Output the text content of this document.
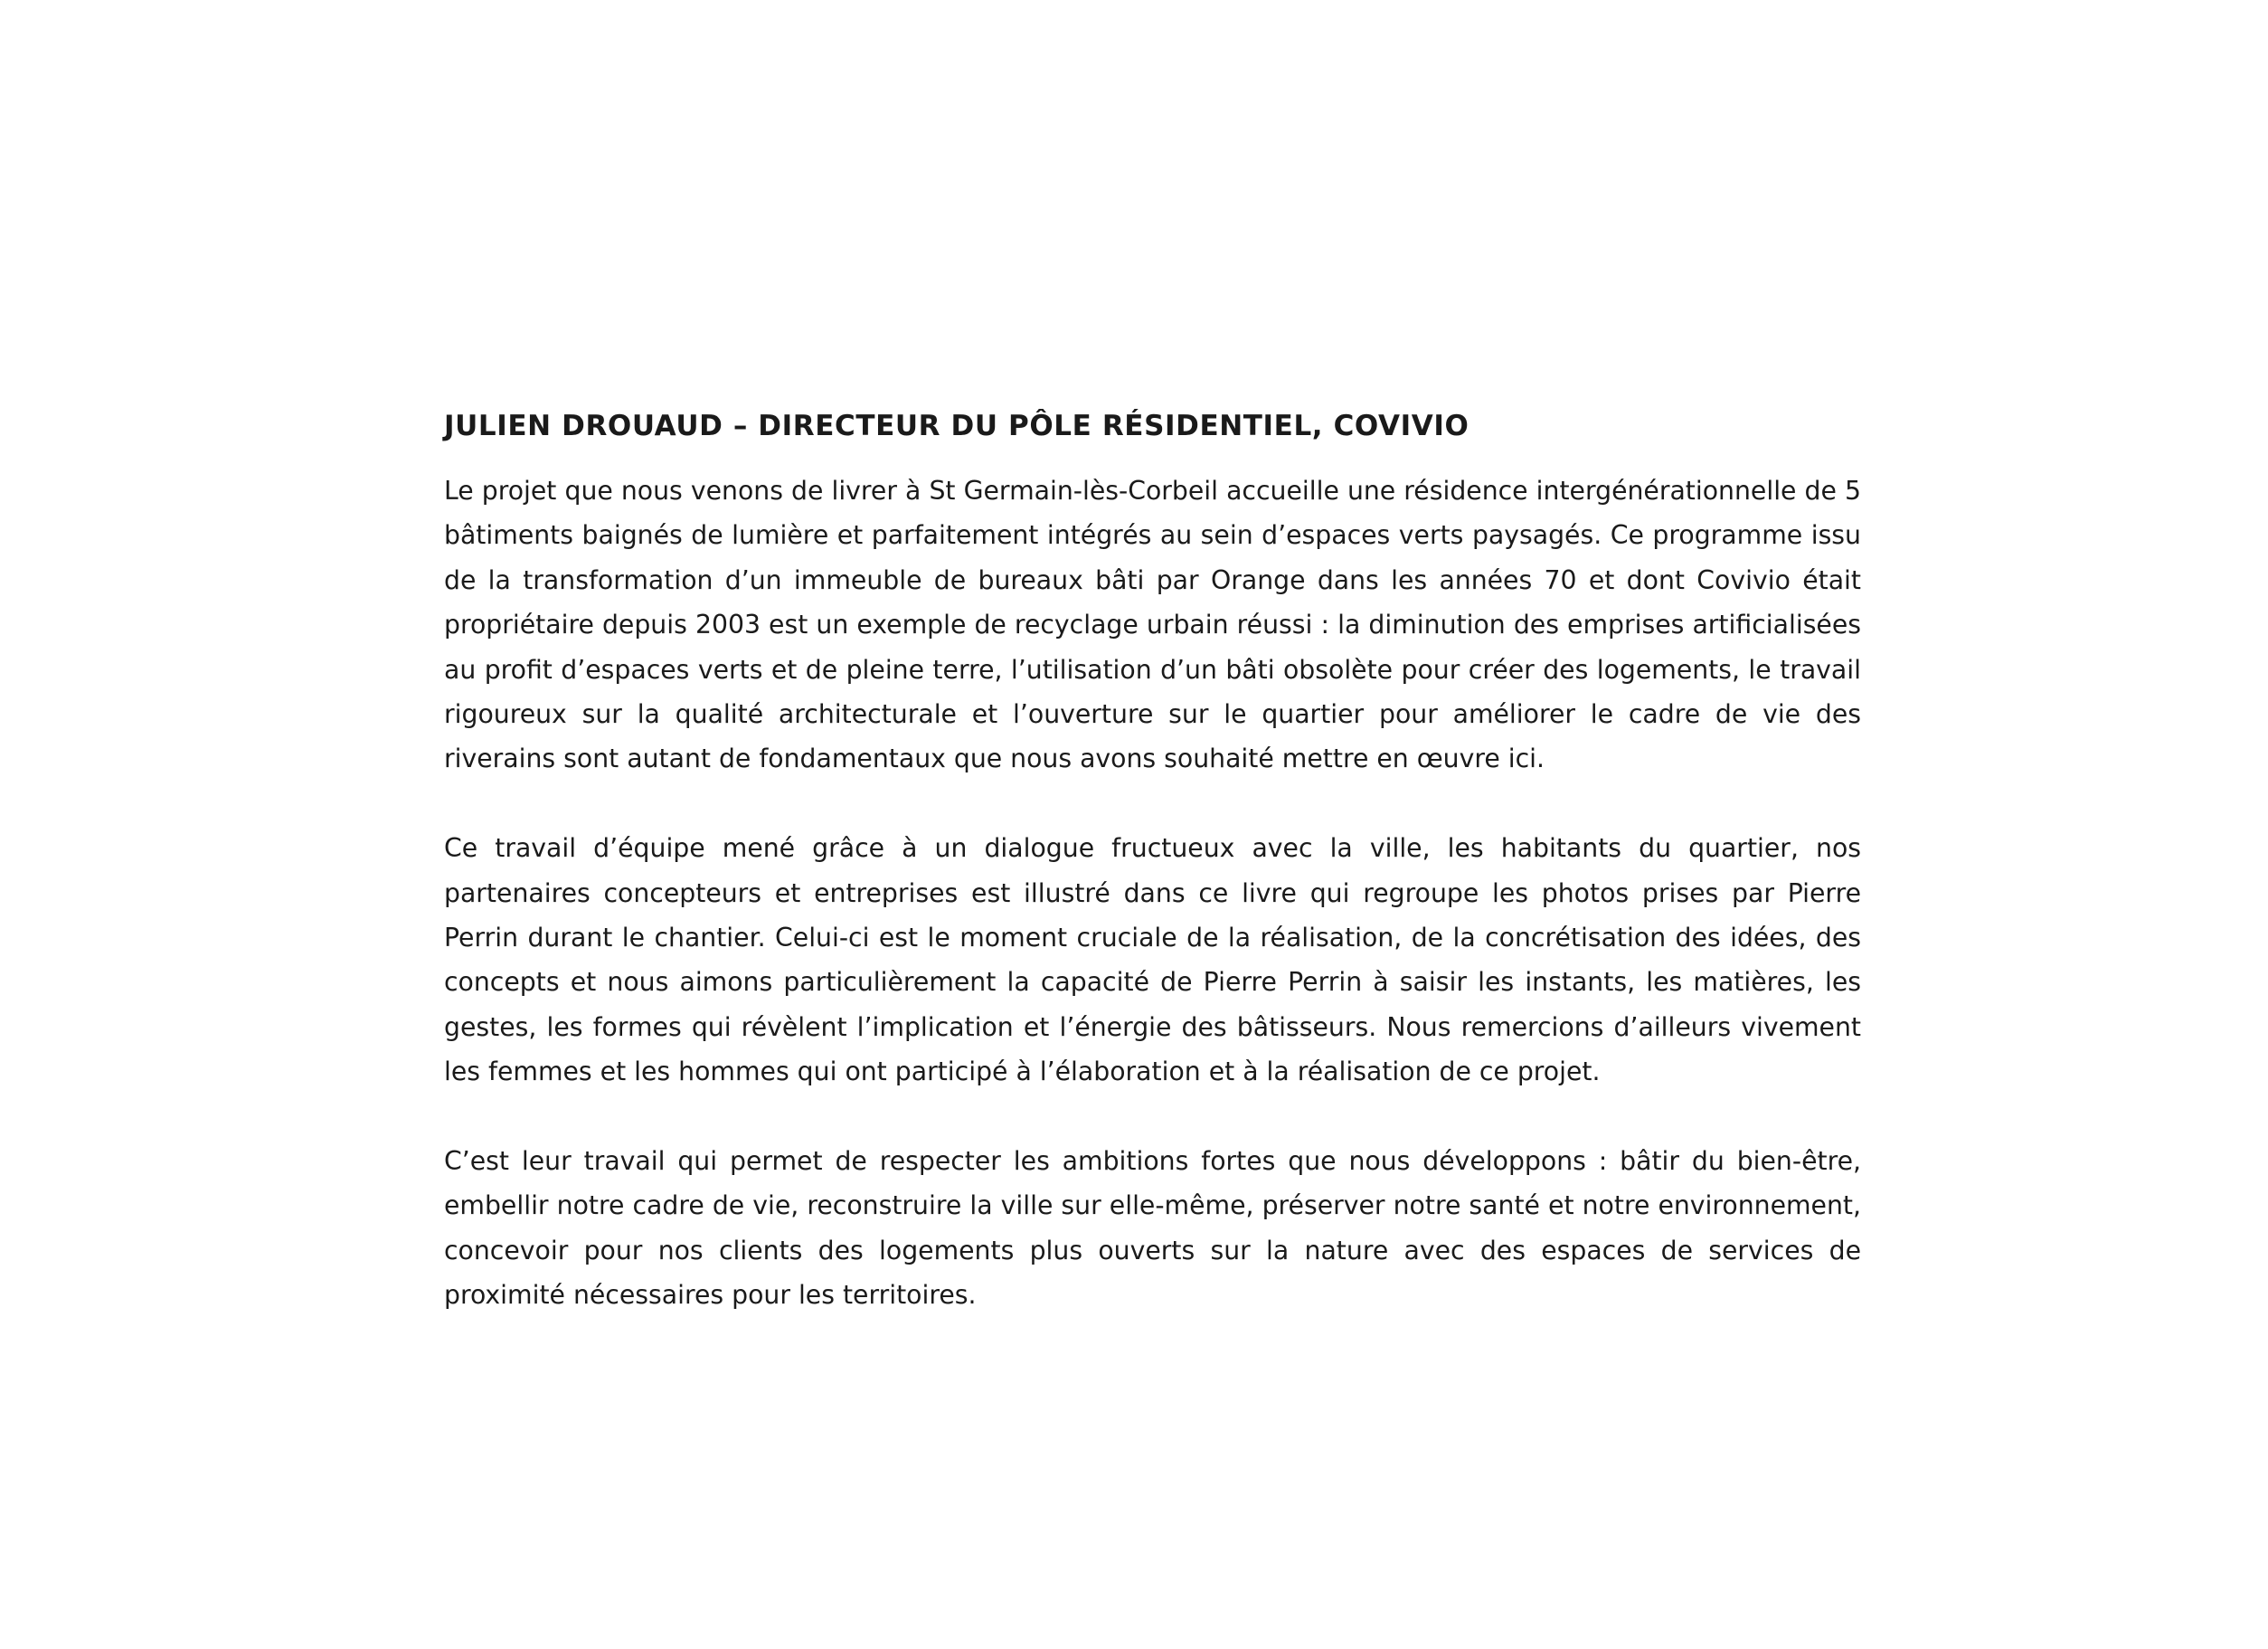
JULIEN DROUAUD – DIRECTEUR DU PÔLE RÉSIDENTIEL, COVIVIO

Le projet que nous venons de livrer à St Germain-lès-Corbeil accueille une résidence intergénérationnelle de 5 bâtiments baignés de lumière et parfaitement intégrés au sein d’espaces verts paysagés. Ce programme issu de la transformation d’un immeuble de bureaux bâti par Orange dans les années 70 et dont Covivio était propriétaire depuis 2003 est un exemple de recyclage urbain réussi : la diminution des emprises artificialisées au profit d’espaces verts et de pleine terre, l’utilisation d’un bâti obsolète pour créer des logements, le travail rigoureux sur la qualité architecturale et l’ouverture sur le quartier pour améliorer le cadre de vie des riverains sont autant de fondamentaux que nous avons souhaité mettre en œuvre ici.

Ce travail d’équipe mené grâce à un dialogue fructueux avec la ville, les habitants du quartier, nos partenaires concepteurs et entreprises est illustré dans ce livre qui regroupe les photos prises par Pierre Perrin durant le chantier. Celui-ci est le moment cruciale de la réalisation, de la concrétisation des idées, des concepts et nous aimons particulièrement la capacité de Pierre Perrin à saisir les instants, les matières, les gestes, les formes qui révèlent l’implication et l’énergie des bâtisseurs. Nous remercions d’ailleurs vivement les femmes et les hommes qui ont participé à l’élaboration et à la réalisation de ce projet.

C’est leur travail qui permet de respecter les ambitions fortes que nous développons : bâtir du bien-être, embellir notre cadre de vie, reconstruire la ville sur elle-même, préserver notre santé et notre environnement, concevoir pour nos clients des logements plus ouverts sur la nature avec des espaces de services de proximité nécessaires pour les territoires.
